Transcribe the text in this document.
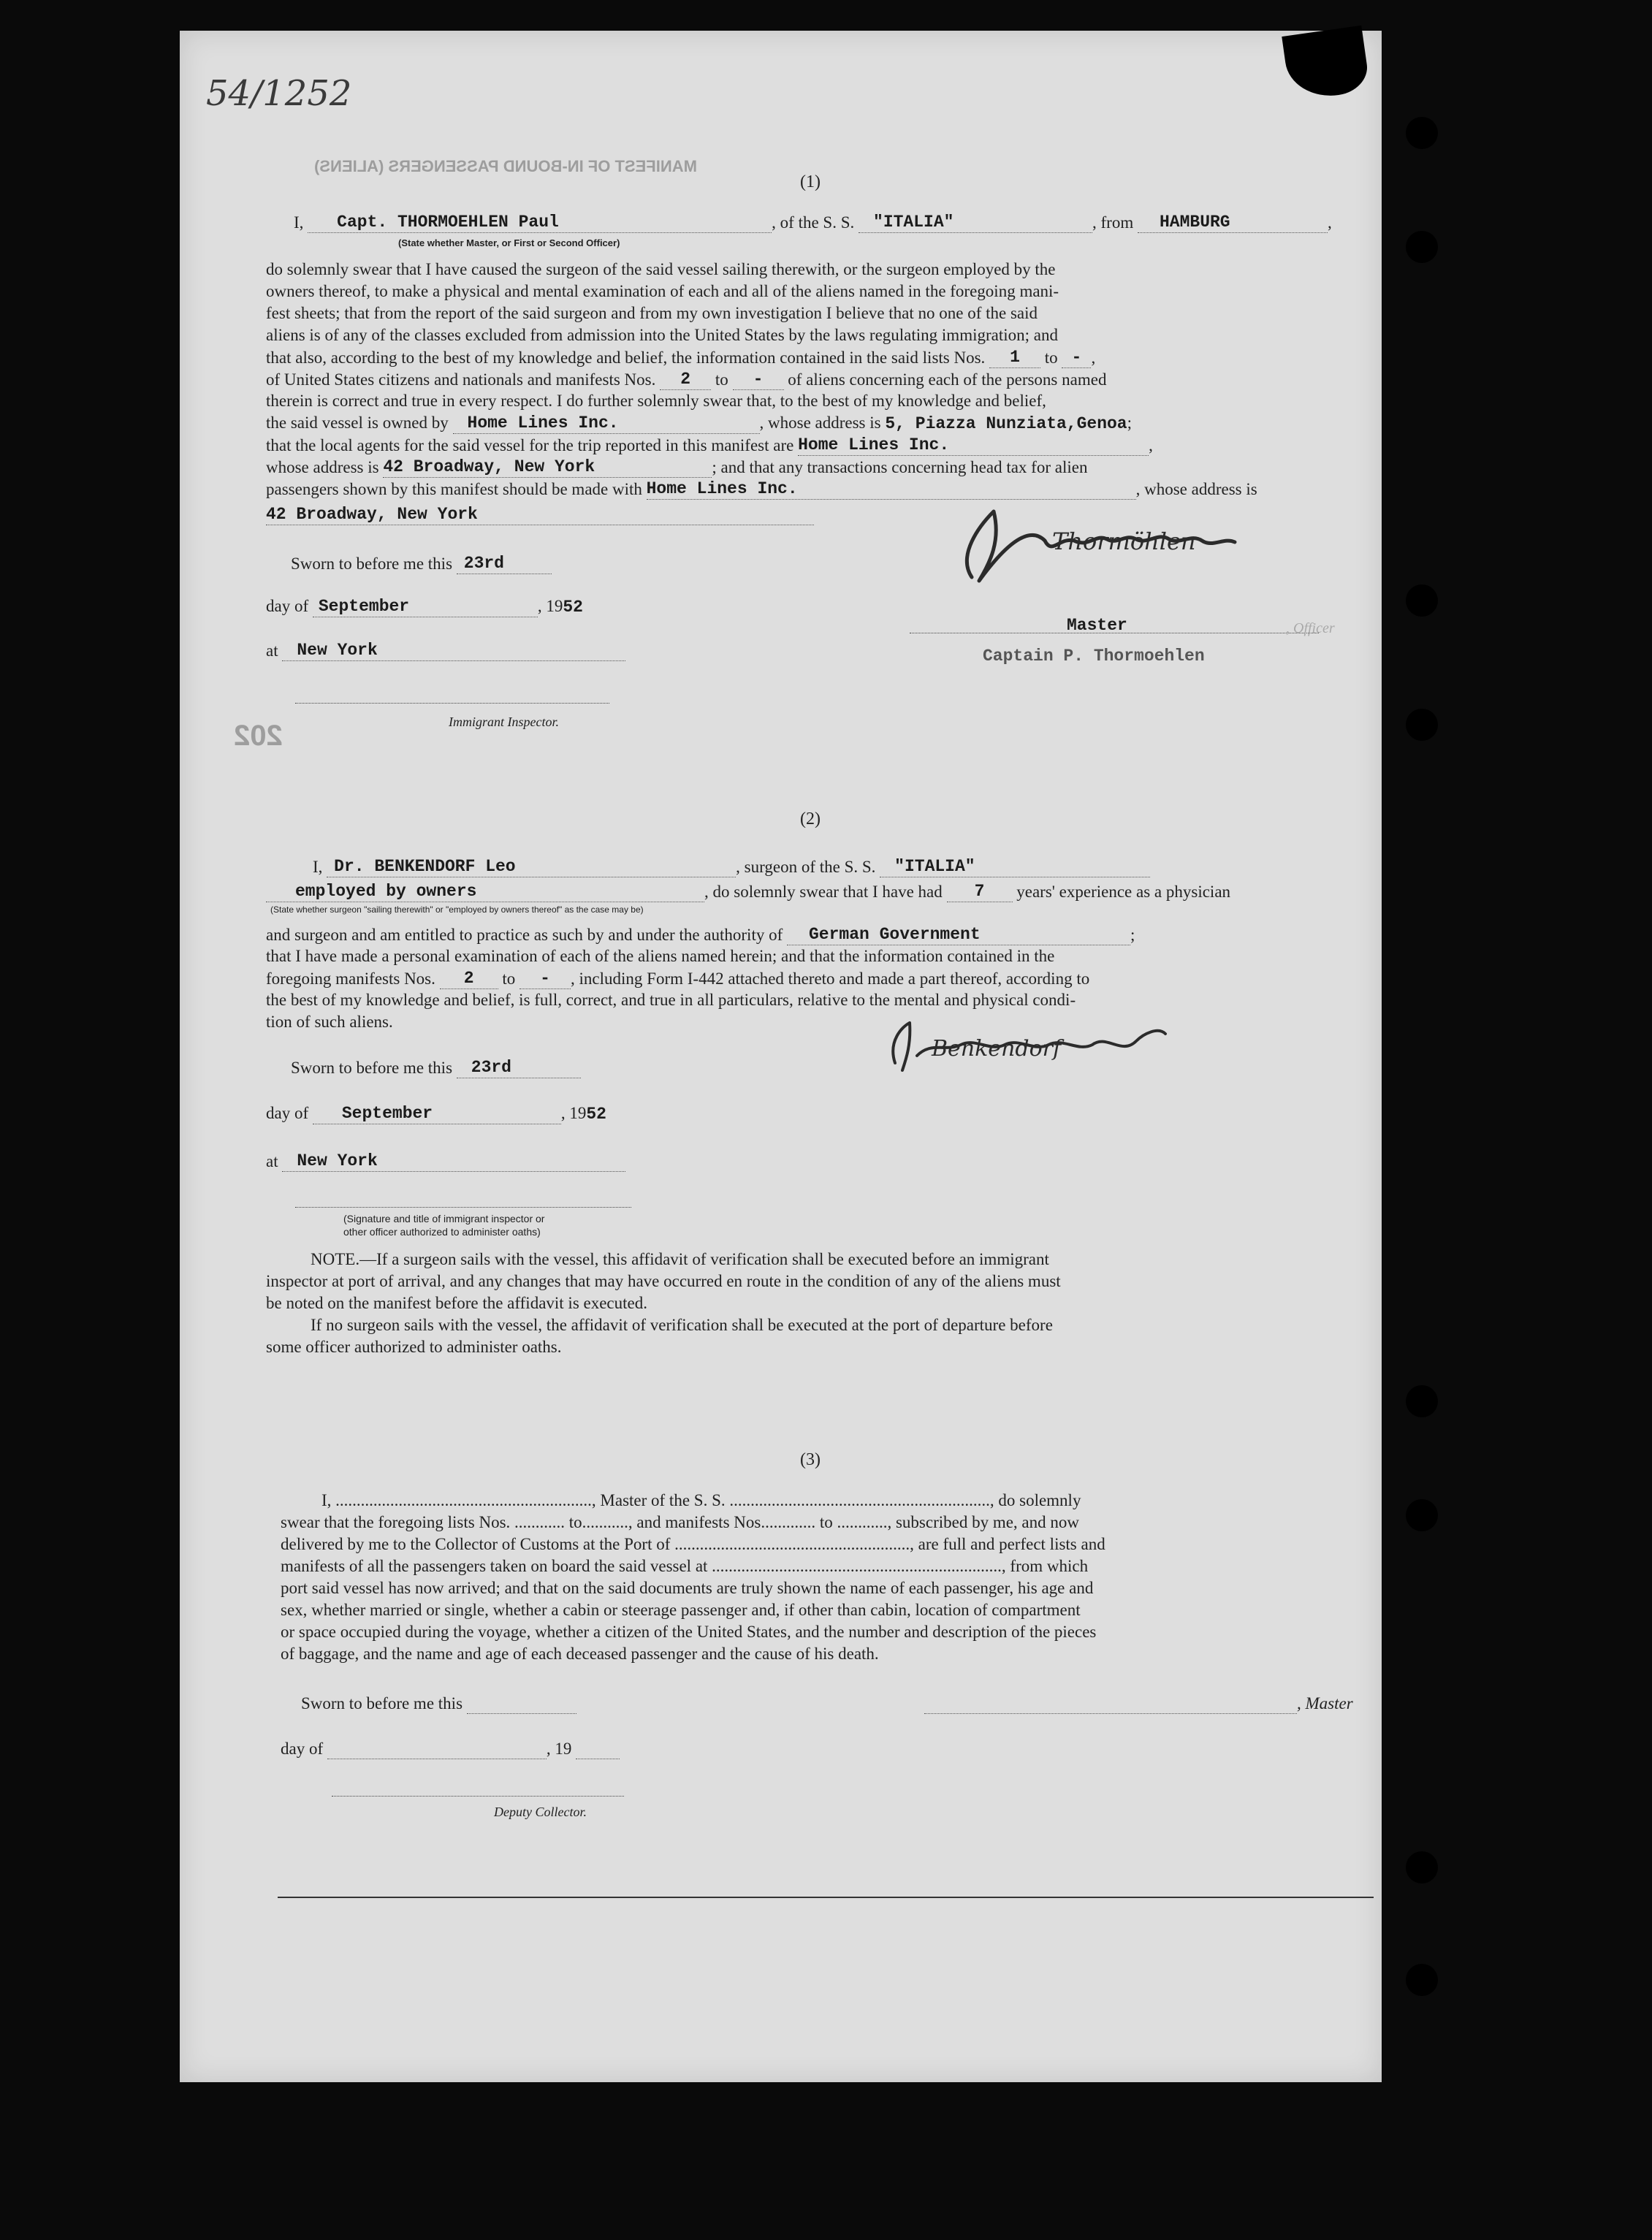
54/1252
MANIFEST OF IN-BOUND PASSENGERS (ALIENS)
202
(1)
I, Capt. THORMOEHLEN Paul	, of the S. S. "ITALIA"	, from HAMBURG	,
(State whether Master, or First or Second Officer)
do solemnly swear that I have caused the surgeon of the said vessel sailing therewith, or the surgeon employed by the
owners thereof, to make a physical and mental examination of each and all of the aliens named in the foregoing mani-
fest sheets; that from the report of the said surgeon and from my own investigation I believe that no one of the said
aliens is of any of the classes excluded from admission into the United States by the laws regulating immigration; and
that also, according to the best of my knowledge and belief, the information contained in the said lists Nos. 1 to - ,
of United States citizens and nationals and manifests Nos. 2 to - of aliens concerning each of the persons named
therein is correct and true in every respect. I do further solemnly swear that, to the best of my knowledge and belief,
the said vessel is owned by Home Lines Inc.	, whose address is 5, Piazza Nunziata,Genoa;
that the local agents for the said vessel for the trip reported in this manifest are Home Lines Inc.	,
whose address is 42 Broadway, New York	; and that any transactions concerning head tax for alien
passengers shown by this manifest should be made with Home Lines Inc.	, whose address is
42 Broadway, New York
Sworn to before me this 23rd
day of September	, 1952
at New York
Immigrant Inspector.
Thormöhlen
Master	, Officer
Captain P. Thormoehlen
(2)
I, Dr. BENKENDORF Leo	, surgeon of the S. S. "ITALIA"
employed by owners	, do solemnly swear that I have had 7 years' experience as a physician
(State whether surgeon "sailing therewith" or "employed by owners thereof" as the case may be)
and surgeon and am entitled to practice as such by and under the authority of German Government	;
that I have made a personal examination of each of the aliens named herein; and that the information contained in the
foregoing manifests Nos. 2 to - , including Form I-442 attached thereto and made a part thereof, according to
the best of my knowledge and belief, is full, correct, and true in all particulars, relative to the mental and physical condi-
tion of such aliens.
Benkendorf
Sworn to before me this 23rd
day of September	, 1952
at New York
(Signature and title of immigrant inspector or
other officer authorized to administer oaths)
NOTE.—If a surgeon sails with the vessel, this affidavit of verification shall be executed before an immigrant
inspector at port of arrival, and any changes that may have occurred en route in the condition of any of the aliens must
be noted on the manifest before the affidavit is executed.
If no surgeon sails with the vessel, the affidavit of verification shall be executed at the port of departure before
some officer authorized to administer oaths.
(3)
I, ............................................................., Master of the S. S. .............................................................., do solemnly
swear that the foregoing lists Nos. ............ to..........., and manifests Nos............. to ............, subscribed by me, and now
delivered by me to the Collector of Customs at the Port of ........................................................, are full and perfect lists and
manifests of all the passengers taken on board the said vessel at ....................................................................., from which
port said vessel has now arrived; and that on the said documents are truly shown the name of each passenger, his age and
sex, whether married or single, whether a cabin or steerage passenger and, if other than cabin, location of compartment
or space occupied during the voyage, whether a citizen of the United States, and the number and description of the pieces
of baggage, and the name and age of each deceased passenger and the cause of his death.
Sworn to before me this	, Master
day of	, 19
Deputy Collector.
